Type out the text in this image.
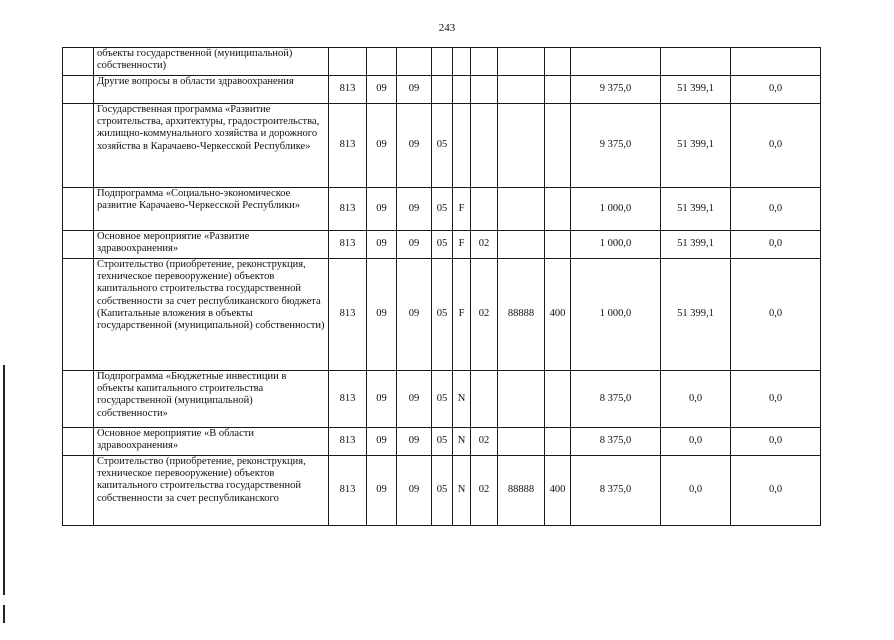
243
	объекты государственной (муниципальной) собственности)											
	Другие вопросы в области здравоохранения	813	09	09						9 375,0	51 399,1	0,0
	Государственная программа «Развитие строительства, архитектуры, градостроительства, жилищно-коммунального хозяйства и дорожного хозяйства в Карачаево-Черкесской Республике»	813	09	09	05					9 375,0	51 399,1	0,0
	Подпрограмма «Социально-экономическое развитие Карачаево-Черкесской Республики»	813	09	09	05	F				1 000,0	51 399,1	0,0
	Основное мероприятие «Развитие здравоохранения»	813	09	09	05	F	02			1 000,0	51 399,1	0,0
	Строительство (приобретение, реконструкция, техническое перевооружение) объектов капитального строительства государственной собственности за счет республиканского бюджета (Капитальные вложения в объекты государственной (муниципальной) собственности)	813	09	09	05	F	02	88888	400	1 000,0	51 399,1	0,0
	Подпрограмма «Бюджетные инвестиции в объекты капитального строительства государственной (муниципальной) собственности»	813	09	09	05	N				8 375,0	0,0	0,0
	Основное мероприятие «В области здравоохранения»	813	09	09	05	N	02			8 375,0	0,0	0,0
	Строительство (приобретение, реконструкция, техническое перевооружение) объектов капитального строительства государственной собственности за счет республиканского	813	09	09	05	N	02	88888	400	8 375,0	0,0	0,0
